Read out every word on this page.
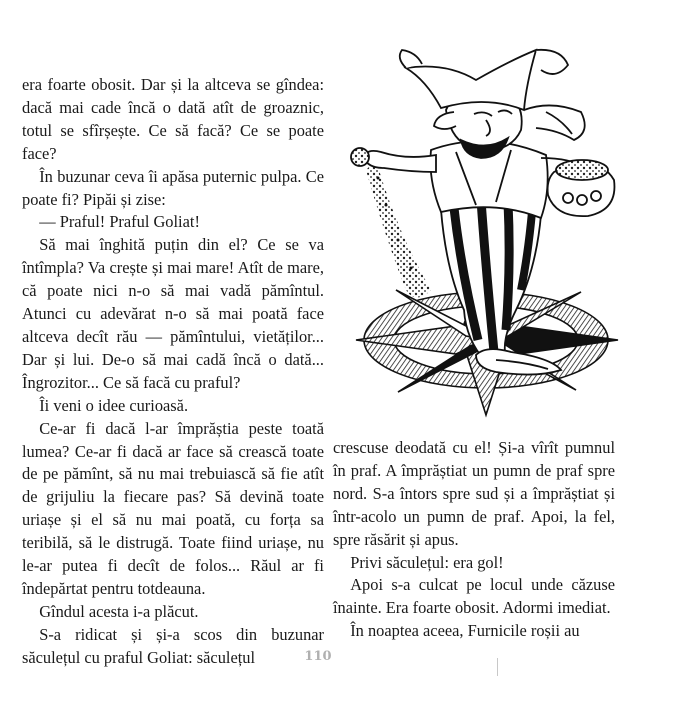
era foarte obosit. Dar și la altceva se gîndea: dacă mai cade încă o dată atît de groaznic, totul se sfîrșește. Ce să facă? Ce se poate face?

În buzunar ceva îi apăsa puternic pulpa. Ce poate fi? Pipăi și zise:

— Praful! Praful Goliat!

Să mai înghită puțin din el? Ce se va întîmpla? Va crește și mai mare! Atît de mare, că poate nici n-o să mai vadă pămîntul. Atunci cu adevărat n-o să mai poată face altceva decît rău — pămîntului, vietăților... Dar și lui. De-o să mai cadă încă o dată... Îngrozitor... Ce să facă cu praful?

Îi veni o idee curioasă.

Ce-ar fi dacă l-ar împrăștia peste toată lumea? Ce-ar fi dacă ar face să crească toate de pe pămînt, să nu mai trebuiască să fie atît de grijuliu la fiecare pas? Să devină toate uriașe și el să nu mai poată, cu forța sa teribilă, să le distrugă. Toate fiind uriașe, nu le-ar putea fi decît de folos... Răul ar fi îndepărtat pentru totdeauna.

Gîndul acesta i-a plăcut.

S-a ridicat și și-a scos din buzunar săculețul cu praful Goliat: săculețul

crescuse deodată cu el! Și-a vîrît pumnul în praf. A împrăștiat un pumn de praf spre nord. S-a întors spre sud și a împrăștiat și într-acolo un pumn de praf. Apoi, la fel, spre răsărit și apus.

Privi săculețul: era gol!

Apoi s-a culcat pe locul unde căzuse înainte. Era foarte obosit. Adormi imediat.

În noaptea aceea, Furnicile roșii au

110
